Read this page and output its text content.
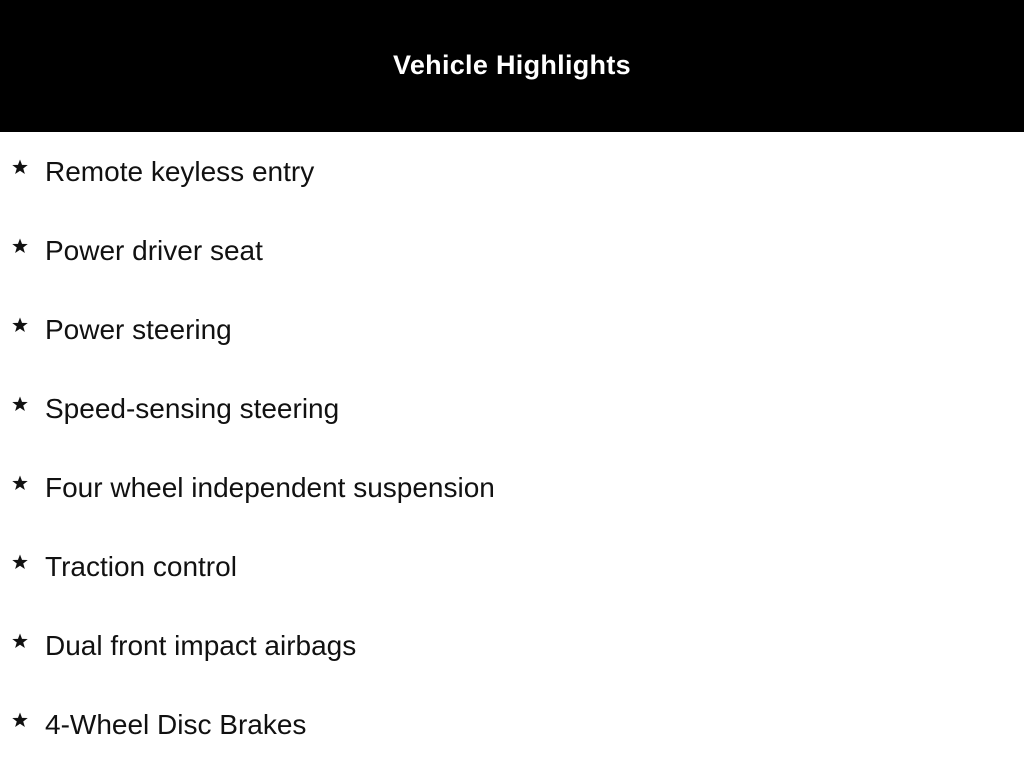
Vehicle Highlights
Remote keyless entry
Power driver seat
Power steering
Speed-sensing steering
Four wheel independent suspension
Traction control
Dual front impact airbags
4-Wheel Disc Brakes
